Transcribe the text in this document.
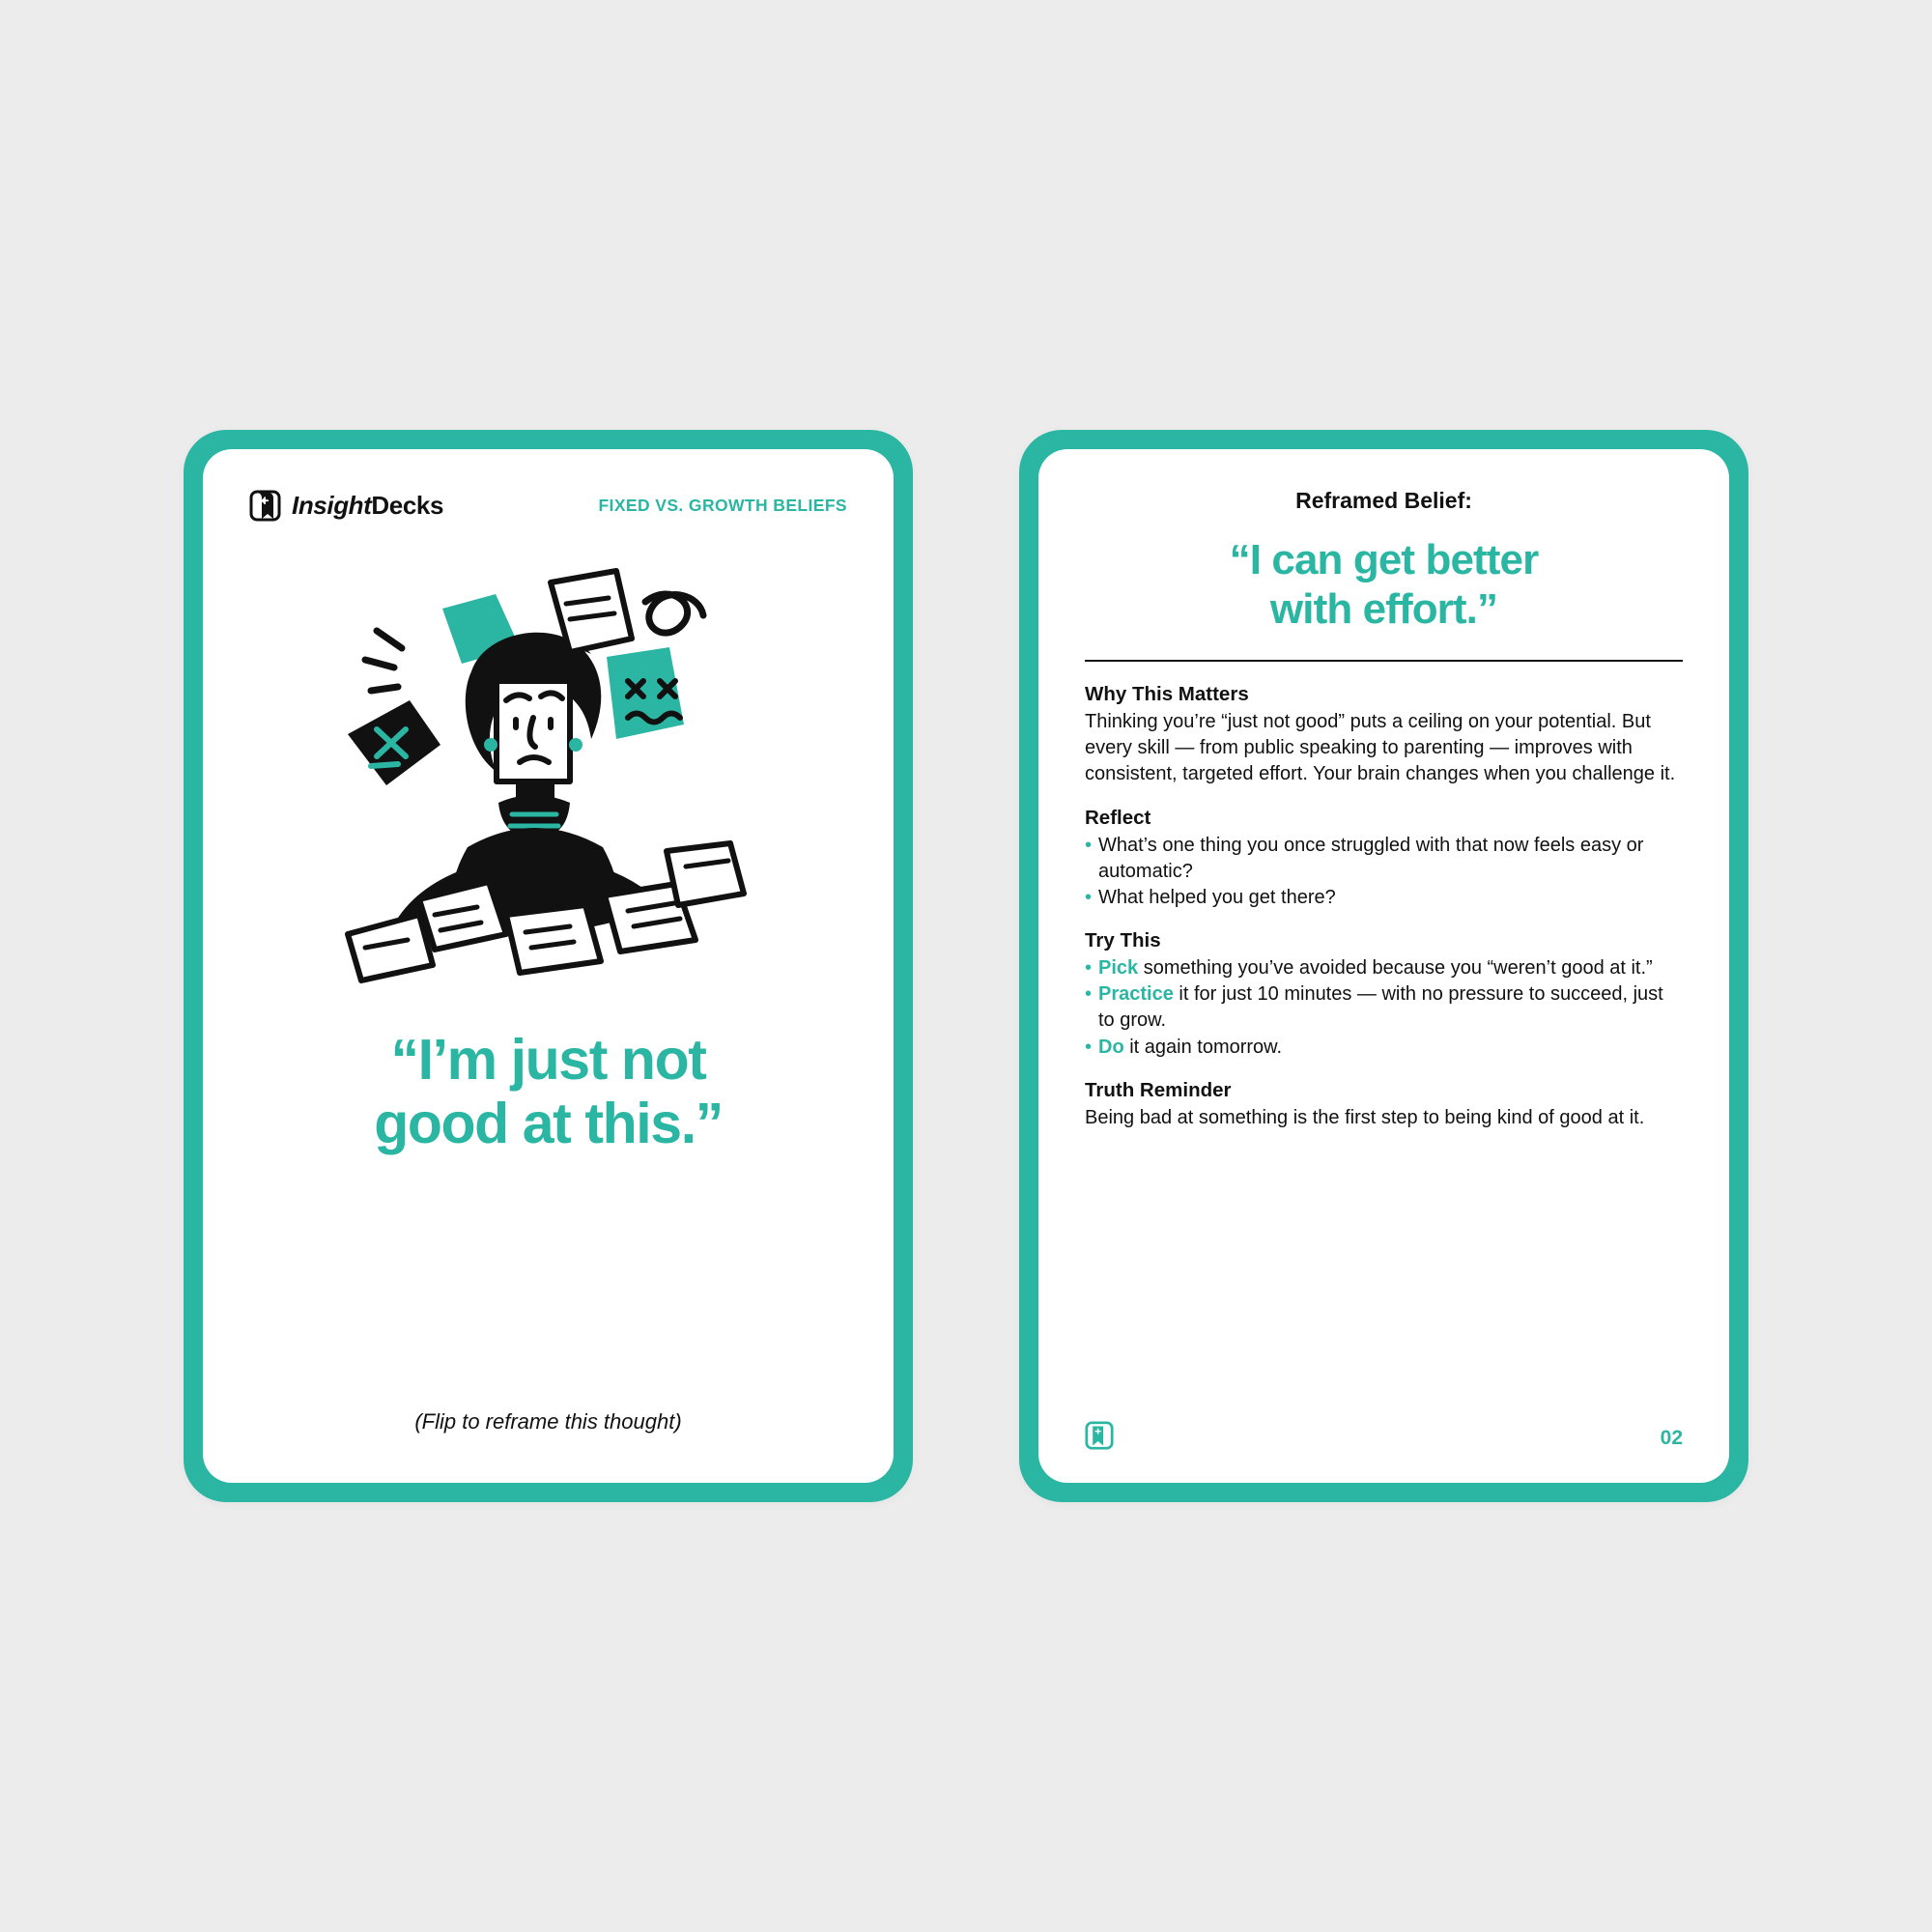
InsightDecks	FIXED VS. GROWTH BELIEFS
“I’m just not
good at this.”
(Flip to reframe this thought)
Reframed Belief:
“I can get better
with effort.”
Why This Matters

Thinking you’re “just not good” puts a ceiling on your potential. But every skill — from public speaking to parenting — improves with consistent, targeted effort. Your brain changes when you challenge it.

Reflect
• What’s one thing you once struggled with that now feels easy or automatic?
• What helped you get there?
Try This
• Pick something you’ve avoided because you “weren’t good at it.”
• Practice it for just 10 minutes — with no pressure to succeed, just to grow.
• Do it again tomorrow.
Truth Reminder

Being bad at something is the first step to being kind of good at it.

02
